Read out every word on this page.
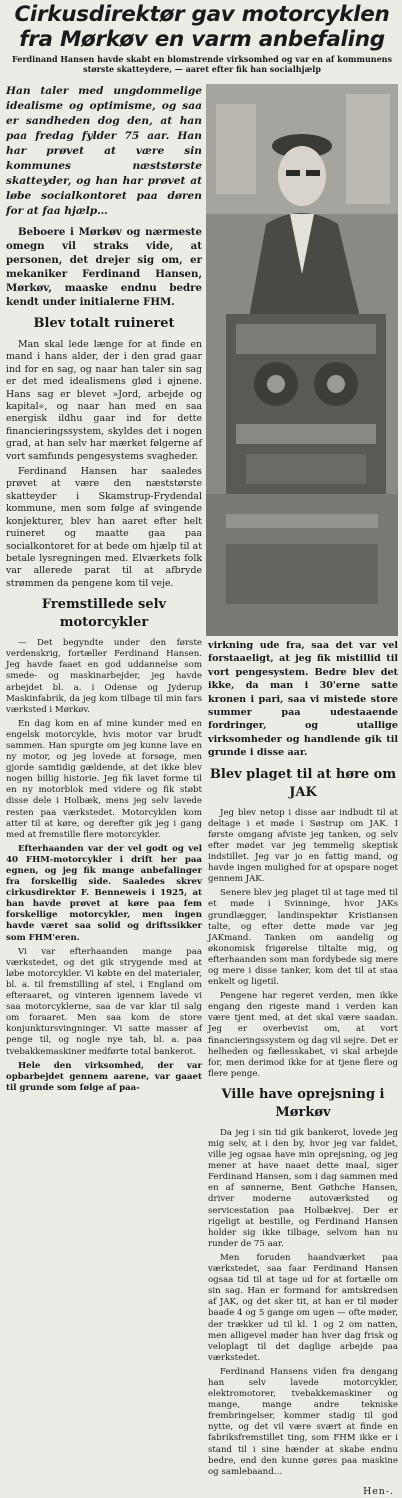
Cirkusdirektør gav motorcyklen fra Mørkøv en varm anbefaling

Ferdinand Hansen havde skabt en blomstrende virksomhed og var en af kommunens største skatteydere, — aaret efter fik han socialhjælp

Han taler med ungdommelige idealisme og optimisme, og saa er sandheden dog den, at han paa fredag fylder 75 aar. Han har prøvet at være sin kommunes næststørste skatteyder, og han har prøvet at løbe socialkontoret paa døren for at faa hjælp…

Beboere i Mørkøv og nærmeste omegn vil straks vide, at personen, det drejer sig om, er mekaniker Ferdinand Hansen, Mørkøv, maaske endnu bedre kendt under initialerne FHM.

Blev totalt ruineret

Man skal lede længe for at finde en mand i hans alder, der i den grad gaar ind for en sag, og naar han taler sin sag er det med idealismens glød i øjnene. Hans sag er blevet »Jord, arbejde og kapital«, og naar han med en saa energisk ildhu gaar ind for dette financieringssystem, skyldes det i nogen grad, at han selv har mærket følgerne af vort samfunds pengesystems svagheder.

Ferdinand Hansen har saaledes prøvet at være den næststørste skatteyder i Skamstrup-Frydendal kommune, men som følge af svingende konjekturer, blev han aaret efter helt ruineret og maatte gaa paa socialkontoret for at bede om hjælp til at betale lysregningen med. Elværkets folk var allerede parat til at afbryde strømmen da pengene kom til veje.

Fremstillede selv motorcykler

— Det begyndte under den første verdenskrig, fortæller Ferdinand Hansen. Jeg havde faaet en god uddannelse som smede- og maskinarbejder, jeg havde arbejdet bl. a. i Odense og Jyderup Maskinfabrik, da jeg kom tilbage til min fars værksted i Mørkøv.

En dag kom en af mine kunder med en engelsk motorcykle, hvis motor var brudt sammen. Han spurgte om jeg kunne lave en ny motor, og jeg lovede at forsøge, men gjorde samtidig gældende, at det ikke blev nogen billig historie. Jeg fik lavet forme til en ny motorblok med videre og fik støbt disse dele i Holbæk, mens jeg selv lavede resten paa værkstedet. Motorcyklen kom atter til at køre, og derefter gik jeg i gang med at fremstille flere motorcykler.

Efterhaanden var der vel godt og vel 40 FHM-motorcykler i drift her paa egnen, og jeg fik mange anbefalinger fra forskellig side. Saaledes skrev cirkusdirektør F. Benneweis i 1925, at han havde prøvet at køre paa fem forskellige motorcykler, men ingen havde været saa solid og driftssikker som FHM'eren.

Vi var efterhaanden mange paa værkstedet, og det gik strygende med at løbe motorcykler. Vi købte en del materialer, bl. a. til fremstilling af stel, i England om efteraaret, og vinteren igennem lavede vi saa motorcyklerne, saa de var klar til salg om foraaret. Men saa kom de store konjunktursvingninger. Vi satte masser af penge til, og nogle nye tab, bl. a. paa tvebakkemaskiner medførte total bankerot.

Hele den virksomhed, der var opbarbejdet gennem aarene, var gaaet til grunde som følge af paa-

virkning ude fra, saa det var vel forstaaeligt, at jeg fik mistillid til vort pengesystem. Bedre blev det ikke, da man i 30'erne satte kronen i pari, saa vi mistede store summer paa udestaaende fordringer, og utallige virksomheder og handlende gik til grunde i disse aar.

Blev plaget til at høre om JAK

Jeg blev netop i disse aar indbudt til at deltage i et møde i Søstrup om JAK. I første omgang afviste jeg tanken, og selv efter mødet var jeg temmelig skeptisk indstillet. Jeg var jo en fattig mand, og havde ingen mulighed for at opspare noget gennem JAK.

Senere blev jeg plaget til at tage med til et møde i Svinninge, hvor JAKs grundlægger, landinspektør Kristiansen talte, og efter dette møde var jeg JAKmand. Tanken om aandelig og økonomisk frigørelse tiltalte mig, og efterhaanden som man fordybede sig mere og mere i disse tanker, kom det til at staa enkelt og ligetil.

Pengene har regeret verden, men ikke engang den rigeste mand i verden kan være tjent med, at det skal være saadan. Jeg er overbevist om, at vort financieringssystem og dag vil sejre. Det er helheden og fællesskabet, vi skal arbejde for, men derimod ikke for at tjene flere og flere penge.

Ville have oprejsning i Mørkøv

Da jeg i sin tid gik bankerot, lovede jeg mig selv, at i den by, hvor jeg var faldet, ville jeg ogsaa have min oprejsning, og jeg mener at have naaet dette maal, siger Ferdinand Hansen, som i dag sammen med en af sønnerne, Bent Gøthche Hansen, driver moderne autoværksted og servicestation paa Holbækvej. Der er rigeligt at bestille, og Ferdinand Hansen holder sig ikke tilbage, selvom han nu runder de 75 aar.

Men foruden haandværket paa værkstedet, saa faar Ferdinand Hansen ogsaa tid til at tage ud for at fortælle om sin sag. Han er formand for amtskredsen af JAK, og det sker tit, at han er til møder baade 4 og 5 gange om ugen — ofte møder, der trækker ud til kl. 1 og 2 om natten, men alligevel møder han hver dag frisk og veloplagt til det daglige arbejde paa værkstedet.

Ferdinand Hansens viden fra dengang han selv lavede motorcykler, elektromotorer, tvebakkemaskiner og mange, mange andre tekniske frembringelser, kommer stadig til god nytte, og det vil være svært at finde en fabriksfremstillet ting, som FHM ikke er i stand til i sine hænder at skabe endnu bedre, end den kunne gøres paa maskine og samlebaand…

Hen-.
